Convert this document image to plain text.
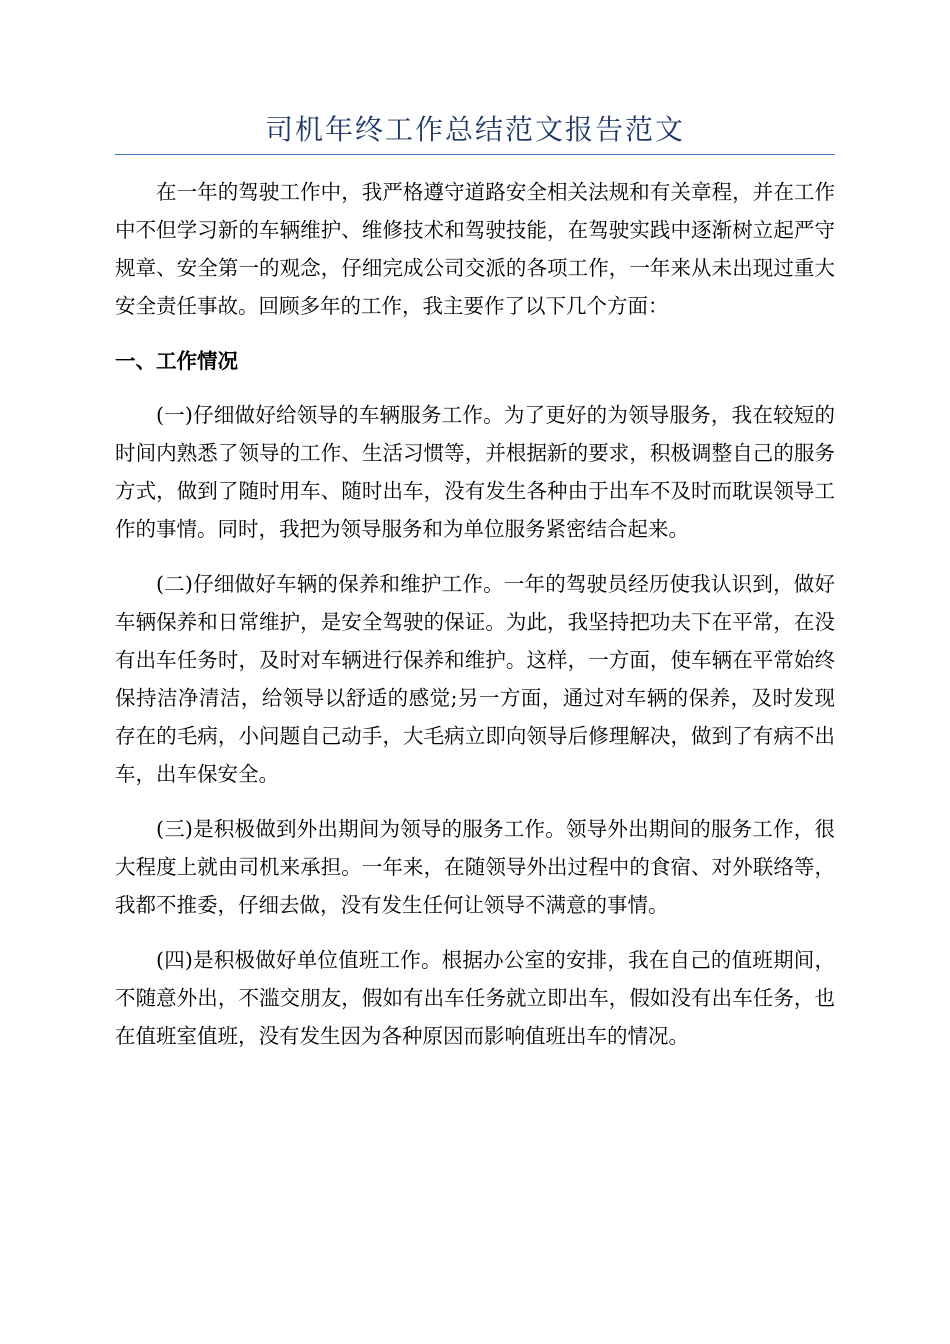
司机年终工作总结范文报告范文

在一年的驾驶工作中，我严格遵守道路安全相关法规和有关章程，并在工作中不但学习新的车辆维护、维修技术和驾驶技能，在驾驶实践中逐渐树立起严守规章、安全第一的观念，仔细完成公司交派的各项工作，一年来从未出现过重大安全责任事故。回顾多年的工作，我主要作了以下几个方面：

一、工作情况

(一)仔细做好给领导的车辆服务工作。为了更好的为领导服务，我在较短的时间内熟悉了领导的工作、生活习惯等，并根据新的要求，积极调整自己的服务方式，做到了随时用车、随时出车，没有发生各种由于出车不及时而耽误领导工作的事情。同时，我把为领导服务和为单位服务紧密结合起来。

(二)仔细做好车辆的保养和维护工作。一年的驾驶员经历使我认识到，做好车辆保养和日常维护，是安全驾驶的保证。为此，我坚持把功夫下在平常，在没有出车任务时，及时对车辆进行保养和维护。这样，一方面，使车辆在平常始终保持洁净清洁，给领导以舒适的感觉;另一方面，通过对车辆的保养，及时发现存在的毛病，小问题自己动手，大毛病立即向领导后修理解决，做到了有病不出车，出车保安全。

(三)是积极做到外出期间为领导的服务工作。领导外出期间的服务工作，很大程度上就由司机来承担。一年来，在随领导外出过程中的食宿、对外联络等，我都不推委，仔细去做，没有发生任何让领导不满意的事情。

(四)是积极做好单位值班工作。根据办公室的安排，我在自己的值班期间，不随意外出，不滥交朋友，假如有出车任务就立即出车，假如没有出车任务，也在值班室值班，没有发生因为各种原因而影响值班出车的情况。
